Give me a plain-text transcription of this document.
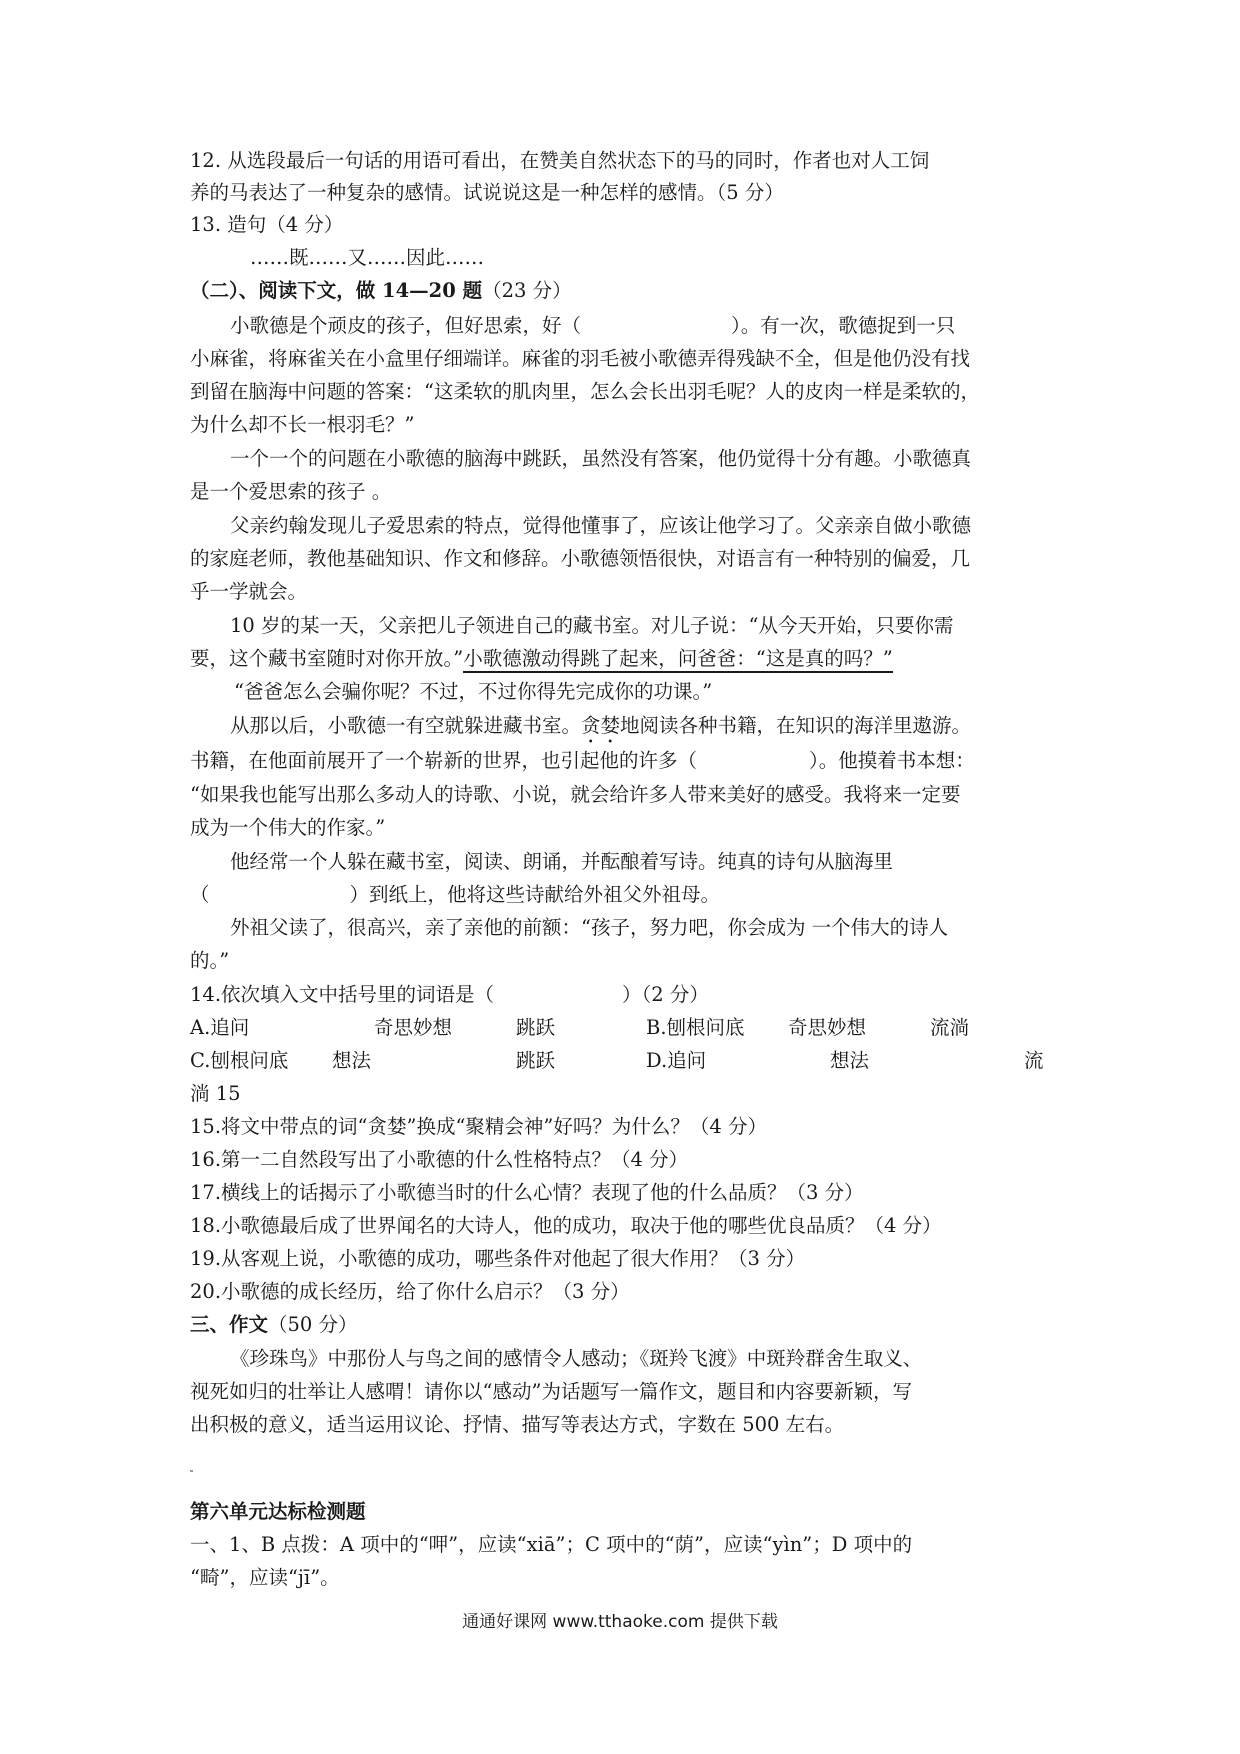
12. 从选段最后一句话的用语可看出，在赞美自然状态下的马的同时，作者也对人工饲
养的马表达了一种复杂的感情。试说说这是一种怎样的感情。（5 分）
13. 造句（4 分）
……既……又……因此……
（二）、阅读下文，做 14—20 题（23 分）
小歌德是个顽皮的孩子，但好思索，好（	）。有一次，歌德捉到一只
小麻雀，将麻雀关在小盒里仔细端详。麻雀的羽毛被小歌德弄得残缺不全，但是他仍没有找
到留在脑海中问题的答案：“这柔软的肌肉里，怎么会长出羽毛呢？人的皮肉一样是柔软的，
为什么却不长一根羽毛？”
一个一个的问题在小歌德的脑海中跳跃，虽然没有答案，他仍觉得十分有趣。小歌德真
是一个爱思索的孩子 。
父亲约翰发现儿子爱思索的特点，觉得他懂事了，应该让他学习了。父亲亲自做小歌德
的家庭老师，教他基础知识、作文和修辞。小歌德领悟很快，对语言有一种特别的偏爱，几
乎一学就会。
10 岁的某一天，父亲把儿子领进自己的藏书室。对儿子说：“从今天开始，只要你需
要，这个藏书室随时对你开放。”小歌德激动得跳了起来，问爸爸：“这是真的吗？”
“爸爸怎么会骗你呢？不过，不过你得先完成你的功课。”
从那以后，小歌德一有空就躲进藏书室。贪婪地阅读各种书籍，在知识的海洋里遨游。
书籍，在他面前展开了一个崭新的世界，也引起他的许多（	）。他摸着书本想：
“如果我也能写出那么多动人的诗歌、小说，就会给许多人带来美好的感受。我将来一定要
成为一个伟大的作家。”
他经常一个人躲在藏书室，阅读、朗诵，并酝酿着写诗。纯真的诗句从脑海里
（	）到纸上，他将这些诗献给外祖父外祖母。
外祖父读了，很高兴，亲了亲他的前额：“孩子，努力吧，你会成为 一个伟大的诗人
的。”
14.依次填入文中括号里的词语是（	）（2 分）
A.追问	奇思妙想	跳跃	B.刨根问底 奇思妙想	流淌
C.刨根问底 想法	跳跃	D.追问	想法	流
淌 15
15.将文中带点的词“贪婪”换成“聚精会神”好吗？为什么？（4 分）
16.第一二自然段写出了小歌德的什么性格特点？（4 分）
17.横线上的话揭示了小歌德当时的什么心情？表现了他的什么品质？（3 分）
18.小歌德最后成了世界闻名的大诗人，他的成功，取决于他的哪些优良品质？（4 分）
19.从客观上说，小歌德的成功，哪些条件对他起了很大作用？（3 分）
20.小歌德的成长经历，给了你什么启示？（3 分）
三、作文（50 分）
《珍珠鸟》中那份人与鸟之间的感情令人感动；《斑羚飞渡》中斑羚群舍生取义、
视死如归的壮举让人感喟！请你以“感动”为话题写一篇作文，题目和内容要新颖，写
出积极的意义，适当运用议论、抒情、描写等表达方式，字数在 500 左右。
第六单元达标检测题
一、1、B 点拨：A 项中的“呷”，应读“xiā”；C 项中的“荫”，应读“yìn”；D 项中的
“畸”，应读“jī”。
通通好课网 www.tthaoke.com 提供下载
